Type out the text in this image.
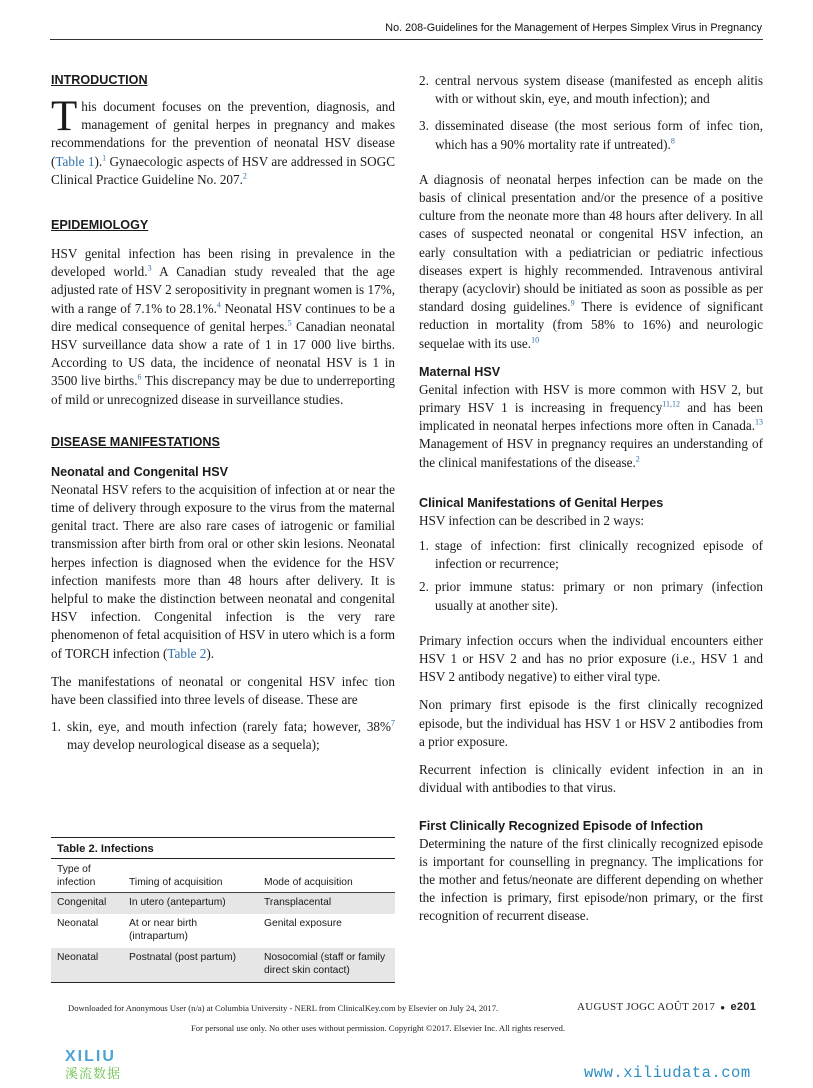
No. 208-Guidelines for the Management of Herpes Simplex Virus in Pregnancy
INTRODUCTION

This document focuses on the prevention, diagnosis, and management of genital herpes in pregnancy and makes recommendations for the prevention of neonatal HSV disease (Table 1).$^1$ Gynaecologic aspects of HSV are addressed in SOGC Clinical Practice Guideline No. 207.$^2$

EPIDEMIOLOGY

HSV genital infection has been rising in prevalence in the developed world.$^3$ A Canadian study revealed that the age adjusted rate of HSV 2 seropositivity in pregnant women is 17%, with a range of 7.1% to 28.1%.$^4$ Neonatal HSV continues to be a dire medical consequence of genital herpes.$^5$ Canadian neonatal HSV surveillance data show a rate of 1 in 17 000 live births. According to US data, the incidence of neonatal HSV is 1 in 3500 live births.$^6$ This discrepancy may be due to underreporting of mild or unrecognized disease in surveillance studies.

DISEASE MANIFESTATIONS
Neonatal and Congenital HSV

Neonatal HSV refers to the acquisition of infection at or near the time of delivery through exposure to the virus from the maternal genital tract. There are also rare cases of iatrogenic or familial transmission after birth from oral or other skin lesions. Neonatal herpes infection is diagnosed when the evidence for the HSV infection manifests more than 48 hours after delivery. It is helpful to make the distinction between neonatal and congenital HSV infection. Congenital infection is the very rare phenomenon of fetal acquisition of HSV in utero which is a form of TORCH infection (Table 2).

The manifestations of neonatal or congenital HSV infec tion have been classified into three levels of disease. These are

1. skin, eye, and mouth infection (rarely fata; however, 38%$^7$ may develop neurological disease as a sequela);
Table 2. Infections
Type of infection	Timing of acquisition	Mode of acquisition
Congenital	In utero (antepartum)	Transplacental
Neonatal	At or near birth (intrapartum)	Genital exposure
Neonatal	Postnatal (post partum)	Nosocomial (staff or family direct skin contact)
2. central nervous system disease (manifested as enceph alitis with or without skin, eye, and mouth infection); and
3. disseminated disease (the most serious form of infec tion, which has a 90% mortality rate if untreated).$^8$

A diagnosis of neonatal herpes infection can be made on the basis of clinical presentation and/or the presence of a positive culture from the neonate more than 48 hours after delivery. In all cases of suspected neonatal or congenital HSV infection, an early consultation with a pediatrician or pediatric infectious diseases expert is highly recommended. Intravenous antiviral therapy (acyclovir) should be initiated as soon as possible as per standard dosing guidelines.$^9$ There is evidence of significant reduction in mortality (from 58% to 16%) and neurologic sequelae with its use.$^{10}$

Maternal HSV

Genital infection with HSV is more common with HSV 2, but primary HSV 1 is increasing in frequency$^{11,12}$ and has been implicated in neonatal herpes infections more often in Canada.$^{13}$ Management of HSV in pregnancy requires an understanding of the clinical manifestations of the disease.$^2$

Clinical Manifestations of Genital Herpes

HSV infection can be described in 2 ways:

1. stage of infection: first clinically recognized episode of infection or recurrence;
2. prior immune status: primary or non primary (infection usually at another site).

Primary infection occurs when the individual encounters either HSV 1 or HSV 2 and has no prior exposure (i.e., HSV 1 and HSV 2 antibody negative) to either viral type.

Non primary first episode is the first clinically recognized episode, but the individual has HSV 1 or HSV 2 antibodies from a prior exposure.

Recurrent infection is clinically evident infection in an in dividual with antibodies to that virus.

First Clinically Recognized Episode of Infection

Determining the nature of the first clinically recognized episode is important for counselling in pregnancy. The implications for the mother and fetus/neonate are different depending on whether the infection is primary, first episode/non primary, or the first recognition of recurrent disease.

Downloaded for Anonymous User (n/a) at Columbia University - NERL from ClinicalKey.com by Elsevier on July 24, 2017.	AUGUST JOGC AOÛT 2017 ● e201
For personal use only. No other uses without permission. Copyright ©2017. Elsevier Inc. All rights reserved.
XILIU
溪流数据	www.xiliudata.com
